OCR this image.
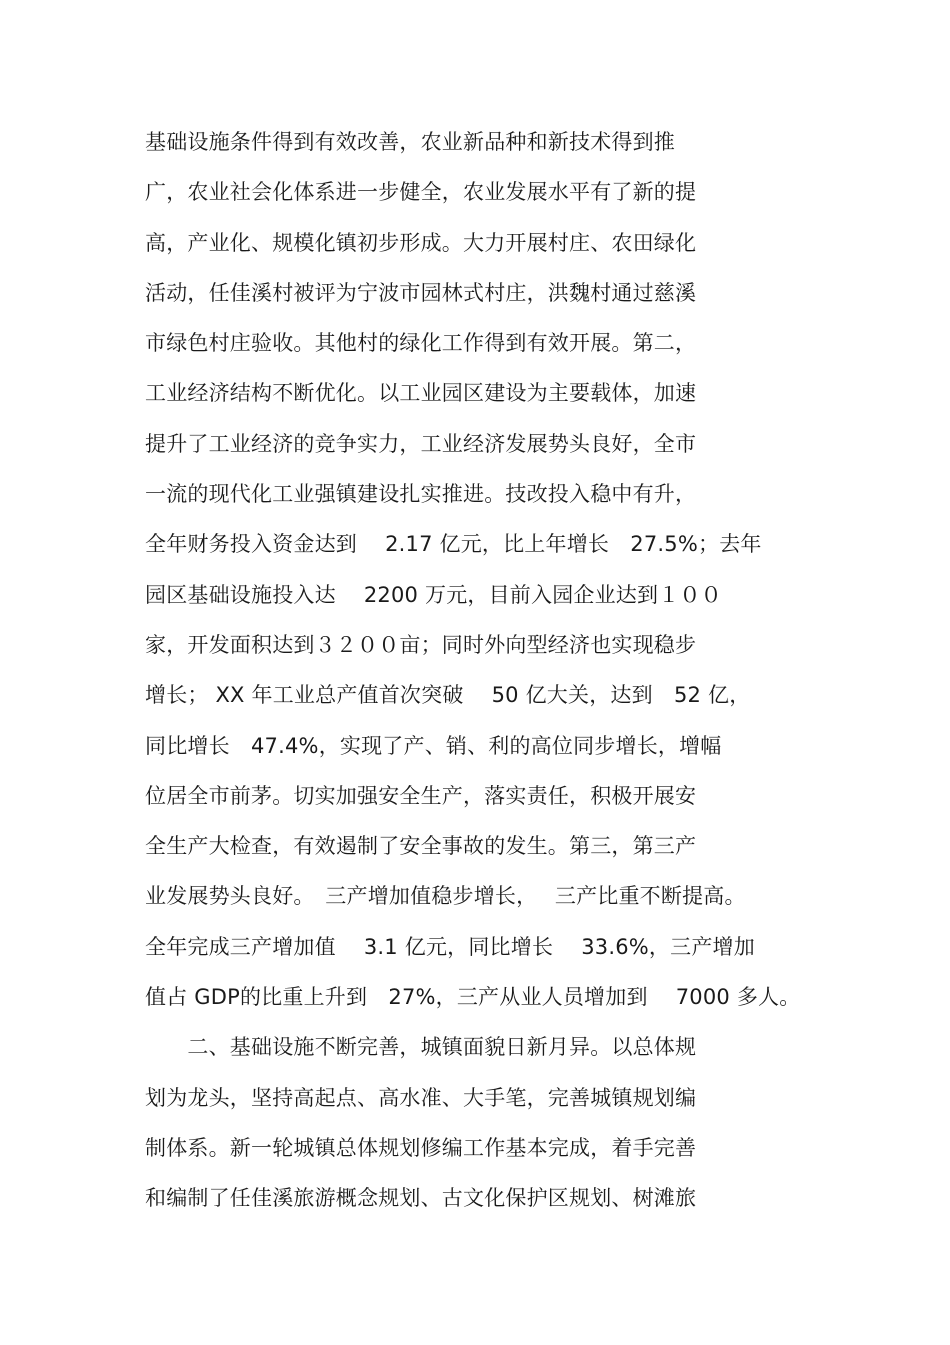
基础设施条件得到有效改善，农业新品种和新技术得到推
广，农业社会化体系进一步健全，农业发展水平有了新的提
高，产业化、规模化镇初步形成。大力开展村庄、农田绿化
活动，任佳溪村被评为宁波市园林式村庄，洪魏村通过慈溪
市绿色村庄验收。其他村的绿化工作得到有效开展。第二，
工业经济结构不断优化。以工业园区建设为主要载体，加速
提升了工业经济的竞争实力，工业经济发展势头良好，全市
一流的现代化工业强镇建设扎实推进。技改投入稳中有升，
全年财务投入资金达到　 2.17 亿元，比上年增长　27.5%；去年
园区基础设施投入达　 2200 万元，目前入园企业达到１００
家，开发面积达到３２００亩；同时外向型经济也实现稳步
增长； XX 年工业总产值首次突破　 50 亿大关，达到　52 亿，
同比增长　47.4%，实现了产、销、利的高位同步增长，增幅
位居全市前茅。切实加强安全生产，落实责任，积极开展安
全生产大检查，有效遏制了安全事故的发生。第三，第三产
业发展势头良好。　三产增加值稳步增长，　 三产比重不断提高。
全年完成三产增加值　 3.1 亿元，同比增长　 33.6%，三产增加
值占 GDP的比重上升到　27%，三产从业人员增加到　 7000 多人。
　　二、基础设施不断完善，城镇面貌日新月异。以总体规
划为龙头，坚持高起点、高水准、大手笔，完善城镇规划编
制体系。新一轮城镇总体规划修编工作基本完成，着手完善
和编制了任佳溪旅游概念规划、古文化保护区规划、树滩旅
